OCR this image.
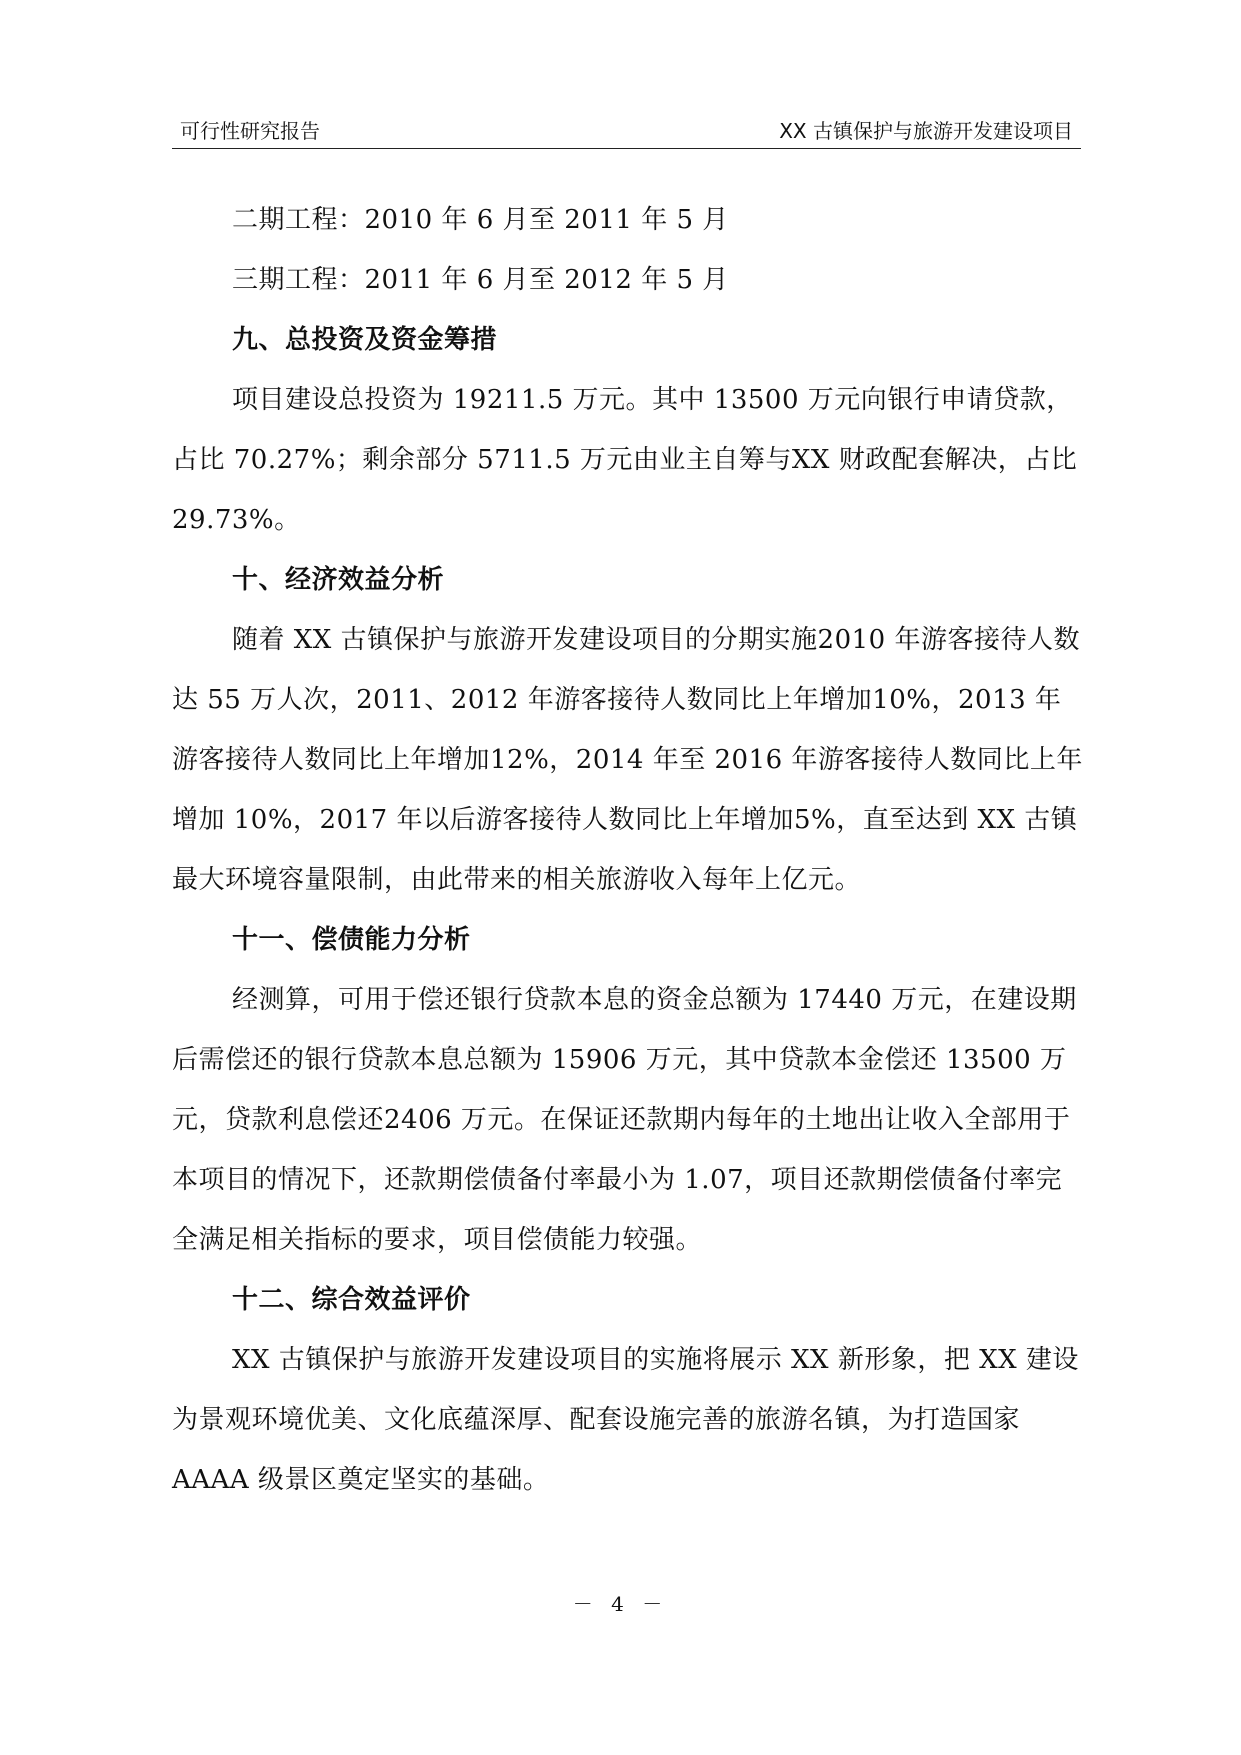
可行性研究报告	XX 古镇保护与旅游开发建设项目

二期工程：2010 年 6 月至 2011 年 5 月

三期工程：2011 年 6 月至 2012 年 5 月

九、总投资及资金筹措

项目建设总投资为 19211.5 万元。其中 13500 万元向银行申请贷款，占比 70.27%；剩余部分 5711.5 万元由业主自筹与XX 财政配套解决，占比 29.73%。

十、经济效益分析

随着 XX 古镇保护与旅游开发建设项目的分期实施2010 年游客接待人数达 55 万人次，2011、2012 年游客接待人数同比上年增加10%，2013 年游客接待人数同比上年增加12%，2014 年至 2016 年游客接待人数同比上年增加 10%，2017 年以后游客接待人数同比上年增加5%，直至达到 XX 古镇最大环境容量限制，由此带来的相关旅游收入每年上亿元。

十一、偿债能力分析

经测算，可用于偿还银行贷款本息的资金总额为 17440 万元，在建设期后需偿还的银行贷款本息总额为 15906 万元，其中贷款本金偿还 13500 万元，贷款利息偿还2406 万元。在保证还款期内每年的土地出让收入全部用于本项目的情况下，还款期偿债备付率最小为 1.07，项目还款期偿债备付率完全满足相关指标的要求，项目偿债能力较强。

十二、综合效益评价

XX 古镇保护与旅游开发建设项目的实施将展示 XX 新形象，把 XX 建设为景观环境优美、文化底蕴深厚、配套设施完善的旅游名镇，为打造国家 AAAA 级景区奠定坚实的基础。

－ 4 －
